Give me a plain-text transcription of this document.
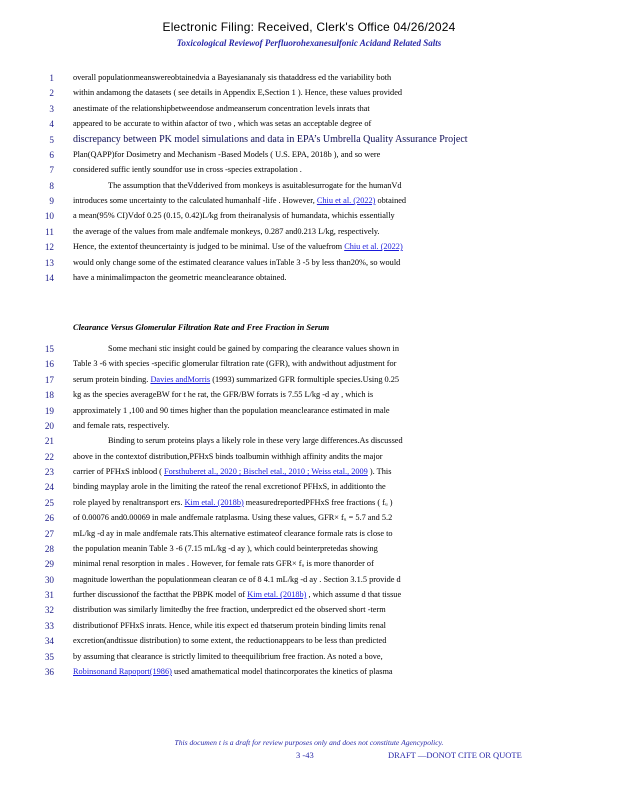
Electronic Filing: Received, Clerk's Office 04/26/2024
Toxicological Reviewof Perfluorohexanesulfonic Acidand Related Salts
1 overall populationmeanswereobtainedvia a Bayesiananaly sis thataddress ed the variability both
2 within andamong the datasets ( see details in Appendix E,Section 1 ). Hence, these values provided
3 anestimate of the relationshipbetweendose andmeanserum concentration levels inrats that
4 appeared to be accurate to within afactor of two , which was setas an acceptable degree of
5 discrepancy between PK model simulations and data in EPA’s Umbrella Quality Assurance Project
6 Plan(QAPP)for Dosimetry and Mechanism -Based Models ( U.S. EPA, 2018b ), and so were
7 considered suffic iently soundfor use in cross -species extrapolation .
8	The assumption that theVdderived from monkeys is asuitablesurrogate for the humanVd
9 introduces some uncertainty to the calculated humanhalf -life . However, Chiu et al. (2022) obtained
10 a mean(95% CI)Vdof 0.25 (0.15, 0.42)L/kg from theiranalysis of humandata, whichis essentially
11 the average of the values from male andfemale monkeys, 0.287 and0.213 L/kg, respectively.
12 Hence, the extentof theuncertainty is judged to be minimal. Use of the valuefrom Chiu et al. (2022)
13 would only change some of the estimated clearance values inTable 3 -5 by less than20%, so would
14 have a minimalimpacton the geometric meanclearance obtained.
15	Some mechani stic insight could be gained by comparing the clearance values shown in
16 Table 3 -6 with species -specific glomerular filtration rate (GFR), with andwithout adjustment for
17 serum protein binding. Davies andMorris (1993) summarized GFR formultiple species.Using 0.25
18 kg as the species averageBW for t he rat, the GFR/BW forrats is 7.55 L/kg -d ay , which is
19 approximately 1 ,100 and 90 times higher than the population meanclearance estimated in male
20 and female rats, respectively.
21	Binding to serum proteins plays a likely role in these very large differences.As discussed
22 above in the contextof distribution,PFHxS binds toalbumin withhigh affinity andits the major
23 carrier of PFHxS inblood ( Forsthuberet al., 2020 ; Bischel etal., 2010 ; Weiss etal., 2009 ). This
24 binding mayplay arole in the limiting the rateof the renal excretionof PFHxS, in additionto the
25 role played by renaltransport ers. Kim etal. (2018b) measuredreportedPFHxS free fractions ( fᵤ )
26 of 0.00076 and0.00069 in male andfemale ratplasma. Using these values, GFR× fᵤ = 5.7 and 5.2
27 mL/kg -d ay in male andfemale rats.This alternative estimateof clearance formale rats is close to
28 the population meanin Table 3 -6 (7.15 mL/kg -d ay ), which could beinterpretedas showing
29 minimal renal resorption in males . However, for female rats GFR× fᵤ is more thanorder of
30 magnitude lowerthan the populationmean clearan ce of 8 4.1 mL/kg -d ay . Section 3.1.5 provide d
31 further discussionof the factthat the PBPK model of Kim etal. (2018b) , which assume d that tissue
32 distribution was similarly limitedby the free fraction, underpredict ed the observed short -term
33 distributionof PFHxS inrats. Hence, while itis expect ed thatserum protein binding limits renal
34 excretion(andtissue distribution) to some extent, the reductionappears to be less than predicted
35 by assuming that clearance is strictly limited to theequilibrium free fraction. As noted a bove,
36 Robinsonand Rapoport(1986) used amathematical model thatincorporates the kinetics of plasma
Clearance Versus Glomerular Filtration Rate and Free Fraction in Serum
This documen t is a draft for review purposes only and does not constitute Agencypolicy.
3 -43	DRAFT —DONOT CITE OR QUOTE
